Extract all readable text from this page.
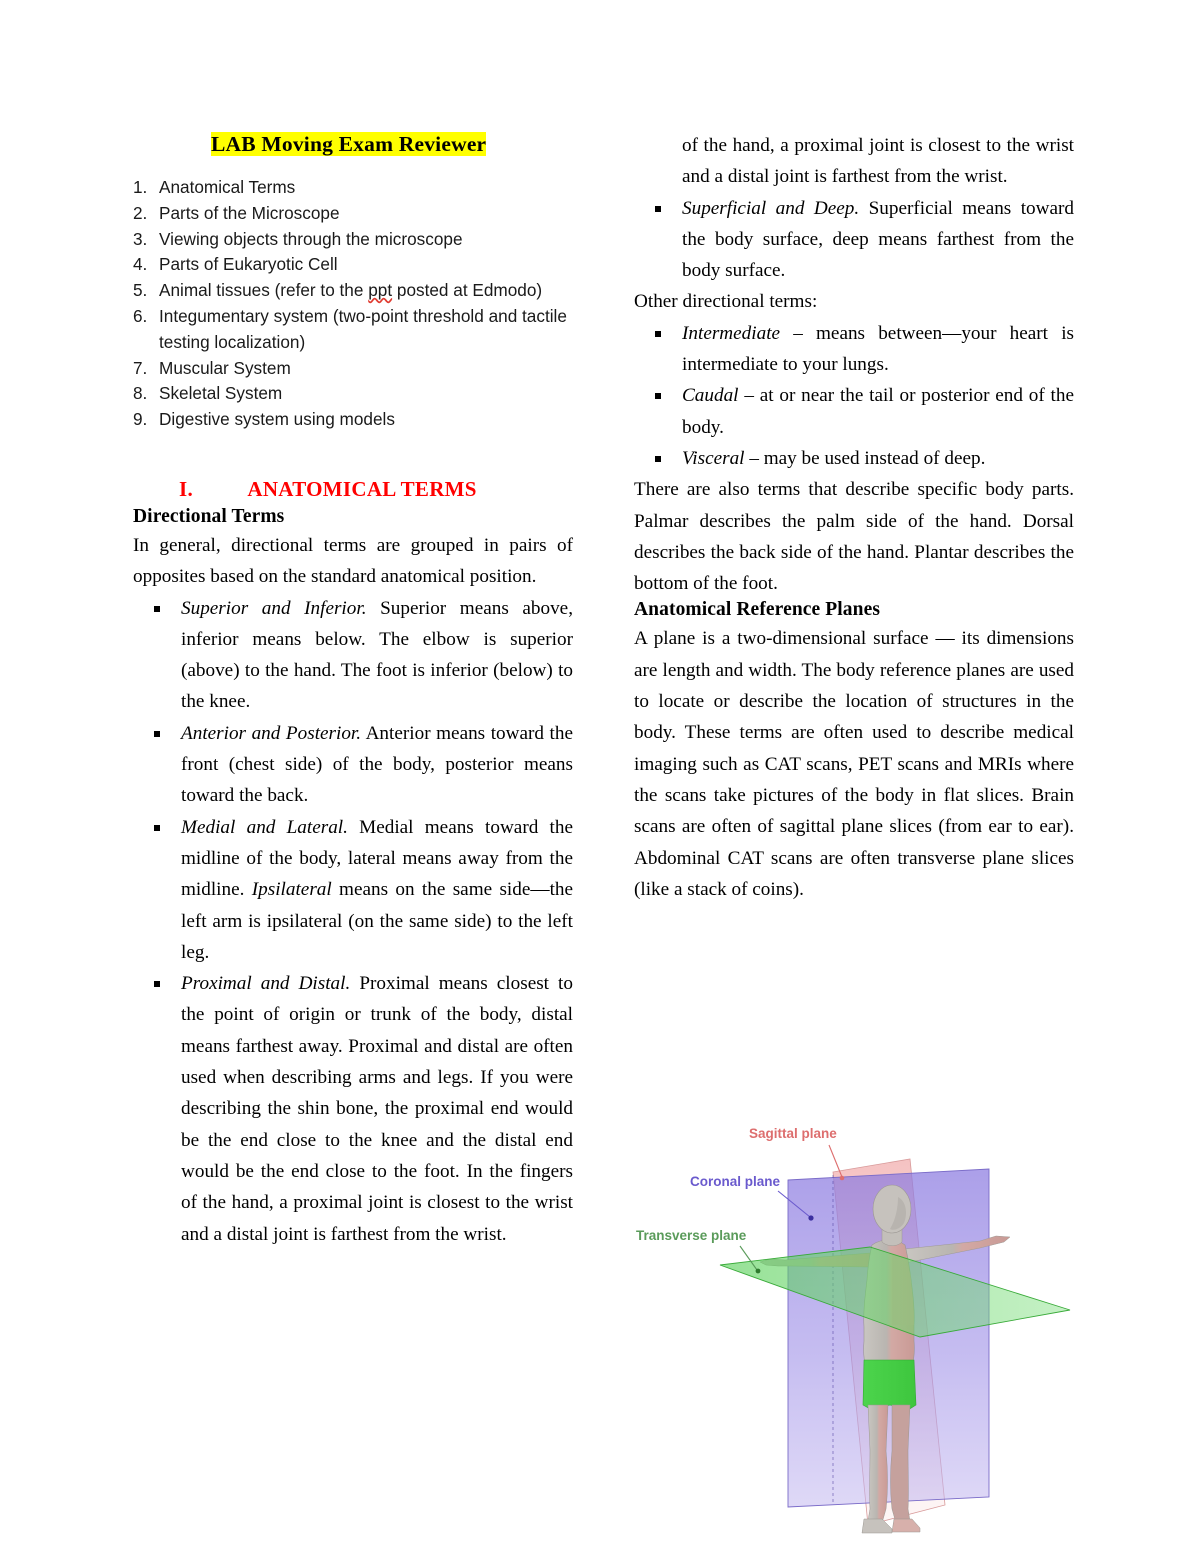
LAB Moving Exam Reviewer
1. Anatomical Terms
2. Parts of the Microscope
3. Viewing objects through the microscope
4. Parts of Eukaryotic Cell
5. Animal tissues (refer to the ppt posted at Edmodo)
6. Integumentary system (two-point threshold and tactile testing localization)
7. Muscular System
8. Skeletal System
9. Digestive system using models
I.          ANATOMICAL TERMS
Directional Terms

In general, directional terms are grouped in pairs of opposites based on the standard anatomical position.

Superior and Inferior. Superior means above, inferior means below. The elbow is superior (above) to the hand. The foot is inferior (below) to the knee.
Anterior and Posterior. Anterior means toward the front (chest side) of the body, posterior means toward the back.
Medial and Lateral. Medial means toward the midline of the body, lateral means away from the midline. Ipsilateral means on the same side—the left arm is ipsilateral (on the same side) to the left leg.
Proximal and Distal. Proximal means closest to the point of origin or trunk of the body, distal means farthest away. Proximal and distal are often used when describing arms and legs. If you were describing the shin bone, the proximal end would be the end close to the knee and the distal end would be the end close to the foot. In the fingers of the hand, a proximal joint is closest to the wrist and a distal joint is farthest from the wrist.

of the hand, a proximal joint is closest to the wrist and a distal joint is farthest from the wrist.

Superficial and Deep. Superficial means toward the body surface, deep means farthest from the body surface.

Other directional terms:

Intermediate – means between—your heart is intermediate to your lungs.
Caudal – at or near the tail or posterior end of the body.
Visceral – may be used instead of deep.

There are also terms that describe specific body parts. Palmar describes the palm side of the hand. Dorsal describes the back side of the hand. Plantar describes the bottom of the foot.

Anatomical Reference Planes

A plane is a two-dimensional surface — its dimensions are length and width. The body reference planes are used to locate or describe the location of structures in the body. These terms are often used to describe medical imaging such as CAT scans, PET scans and MRIs where the scans take pictures of the body in flat slices. Brain scans are often of sagittal plane slices (from ear to ear). Abdominal CAT scans are often transverse plane slices (like a stack of coins).

Sagittal plane
Coronal plane
Transverse plane
